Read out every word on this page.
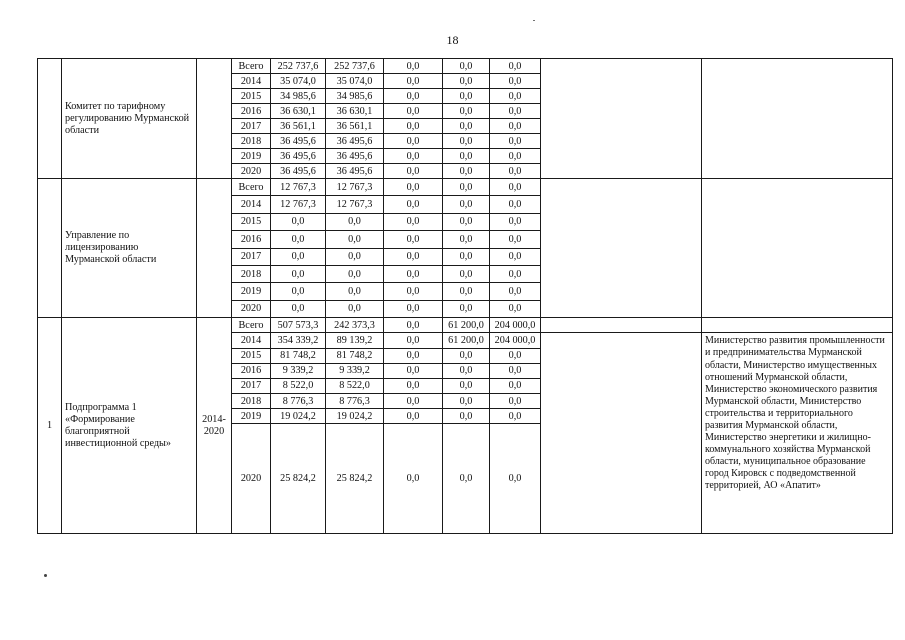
18
	Комитет по тарифному регулированию Мурманской области		Всего	252 737,6	252 737,6	0,0	0,0	0,0		
			2014	35 074,0	35 074,0	0,0	0,0	0,0		
			2015	34 985,6	34 985,6	0,0	0,0	0,0		
			2016	36 630,1	36 630,1	0,0	0,0	0,0		
			2017	36 561,1	36 561,1	0,0	0,0	0,0		
			2018	36 495,6	36 495,6	0,0	0,0	0,0		
			2019	36 495,6	36 495,6	0,0	0,0	0,0		
			2020	36 495,6	36 495,6	0,0	0,0	0,0		
	Управление по лицензированию Мурманской области		Всего	12 767,3	12 767,3	0,0	0,0	0,0		
			2014	12 767,3	12 767,3	0,0	0,0	0,0		
			2015	0,0	0,0	0,0	0,0	0,0		
			2016	0,0	0,0	0,0	0,0	0,0		
			2017	0,0	0,0	0,0	0,0	0,0		
			2018	0,0	0,0	0,0	0,0	0,0		
			2019	0,0	0,0	0,0	0,0	0,0		
			2020	0,0	0,0	0,0	0,0	0,0		
1	Подпрограмма 1 «Формирование благоприятной инвестиционной среды»	2014-2020	Всего	507 573,3	242 373,3	0,0	61 200,0	204 000,0		
			2014	354 339,2	89 139,2	0,0	61 200,0	204 000,0		Министерство развития промышленности и предпринимательства Мурманской области, Министерство имущественных отношений Мурманской области, Министерство экономического развития Мурманской области, Министерство строительства и территориального развития Мурманской области, Министерство энергетики и жилищно-коммунального хозяйства Мурманской области, муниципальное образование город Кировск с подведомственной территорией, АО «Апатит»
			2015	81 748,2	81 748,2	0,0	0,0	0,0		
			2016	9 339,2	9 339,2	0,0	0,0	0,0		
			2017	8 522,0	8 522,0	0,0	0,0	0,0		
			2018	8 776,3	8 776,3	0,0	0,0	0,0		
			2019	19 024,2	19 024,2	0,0	0,0	0,0		
			2020	25 824,2	25 824,2	0,0	0,0	0,0		
